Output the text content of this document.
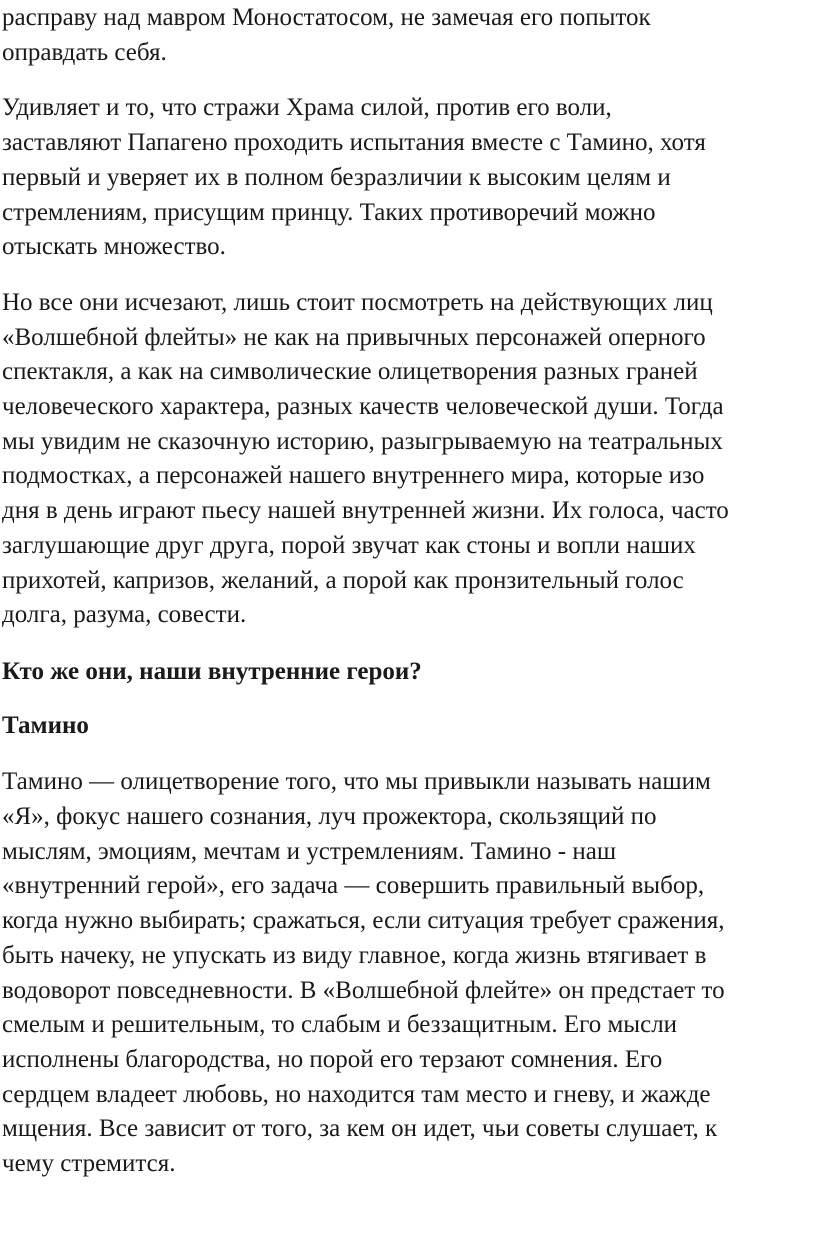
расправу над мавром Моностатосом, не замечая его попыток
оправдать себя.
Удивляет и то, что стражи Храма силой, против его воли,
заставляют Папагено проходить испытания вместе с Тамино, хотя
первый и уверяет их в полном безразличии к высоким целям и
стремлениям, присущим принцу. Таких противоречий можно
отыскать множество.
Но все они исчезают, лишь стоит посмотреть на действующих лиц
«Волшебной флейты» не как на привычных персонажей оперного
спектакля, а как на символические олицетворения разных граней
человеческого характера, разных качеств человеческой души. Тогда
мы увидим не сказочную историю, разыгрываемую на театральных
подмостках, а персонажей нашего внутреннего мира, которые изо
дня в день играют пьесу нашей внутренней жизни. Их голоса, часто
заглушающие друг друга, порой звучат как стоны и вопли наших
прихотей, капризов, желаний, а порой как пронзительный голос
долга, разума, совести.
Кто же они, наши внутренние герои?
Тамино
Тамино — олицетворение того, что мы привыкли называть нашим
«Я», фокус нашего сознания, луч прожектора, скользящий по
мыслям, эмоциям, мечтам и устремлениям. Тамино - наш
«внутренний герой», его задача — совершить правильный выбор,
когда нужно выбирать; сражаться, если ситуация требует сражения,
быть начеку, не упускать из виду главное, когда жизнь втягивает в
водоворот повседневности. В «Волшебной флейте» он предстает то
смелым и решительным, то слабым и беззащитным. Его мысли
исполнены благородства, но порой его терзают сомнения. Его
сердцем владеет любовь, но находится там место и гневу, и жажде
мщения. Все зависит от того, за кем он идет, чьи советы слушает, к
чему стремится.
